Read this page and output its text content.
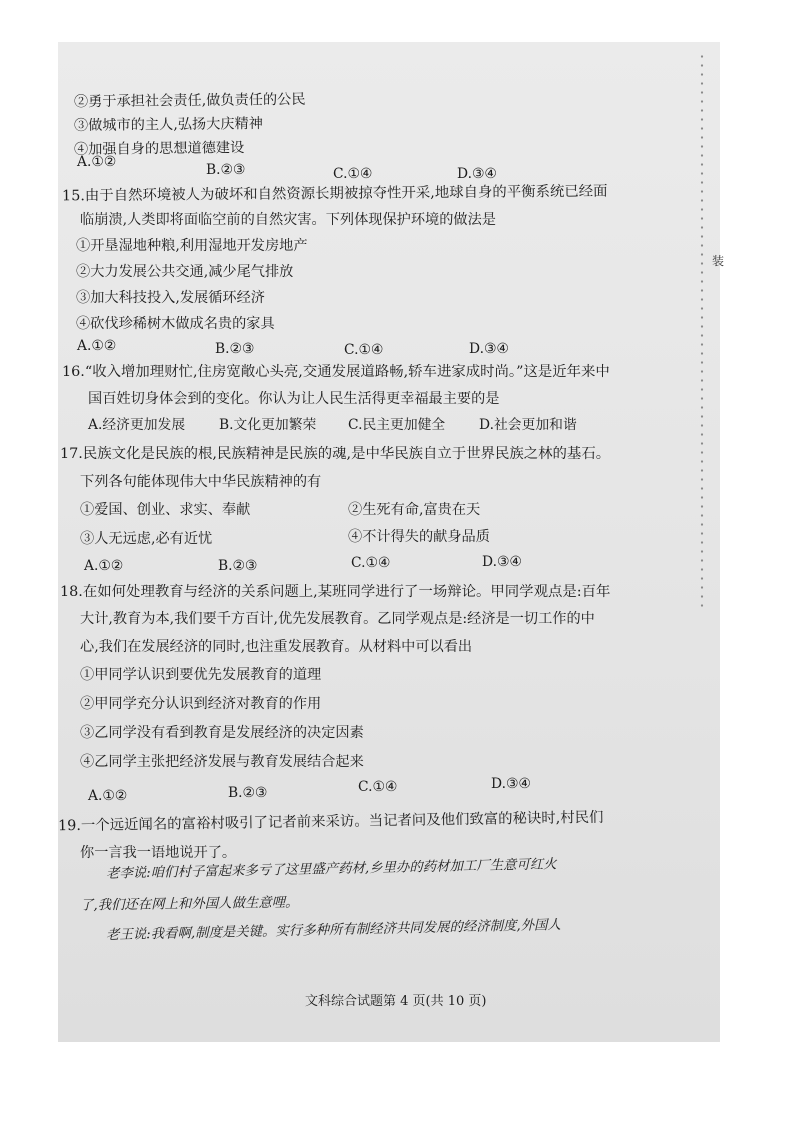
装
②勇于承担社会责任,做负责任的公民
③做城市的主人,弘扬大庆精神
④加强自身的思想道德建设
A.①②	B.②③	C.①④	D.③④
15.由于自然环境被人为破坏和自然资源长期被掠夺性开采,地球自身的平衡系统已经面
临崩溃,人类即将面临空前的自然灾害。下列体现保护环境的做法是
①开垦湿地种粮,利用湿地开发房地产
②大力发展公共交通,减少尾气排放
③加大科技投入,发展循环经济
④砍伐珍稀树木做成名贵的家具
A.①②	B.②③	C.①④	D.③④
16.“收入增加理财忙,住房宽敞心头亮,交通发展道路畅,轿车进家成时尚。”这是近年来中
国百姓切身体会到的变化。你认为让人民生活得更幸福最主要的是
A.经济更加发展 B.文化更加繁荣 C.民主更加健全 D.社会更加和谐
17.民族文化是民族的根,民族精神是民族的魂,是中华民族自立于世界民族之林的基石。
下列各句能体现伟大中华民族精神的有
①爱国、创业、求实、奉献	②生死有命,富贵在天
③人无远虑,必有近忧	④不计得失的献身品质
A.①②	B.②③	C.①④	D.③④
18.在如何处理教育与经济的关系问题上,某班同学进行了一场辩论。甲同学观点是:百年
大计,教育为本,我们要千方百计,优先发展教育。乙同学观点是:经济是一切工作的中
心,我们在发展经济的同时,也注重发展教育。从材料中可以看出
①甲同学认识到要优先发展教育的道理
②甲同学充分认识到经济对教育的作用
③乙同学没有看到教育是发展经济的决定因素
④乙同学主张把经济发展与教育发展结合起来
A.①②	B.②③	C.①④	D.③④
19.一个远近闻名的富裕村吸引了记者前来采访。当记者问及他们致富的秘诀时,村民们
你一言我一语地说开了。
老李说:咱们村子富起来多亏了这里盛产药材,乡里办的药材加工厂生意可红火
了,我们还在网上和外国人做生意哩。
老王说:我看啊,制度是关键。实行多种所有制经济共同发展的经济制度,外国人
文科综合试题第 4 页(共 10 页)
